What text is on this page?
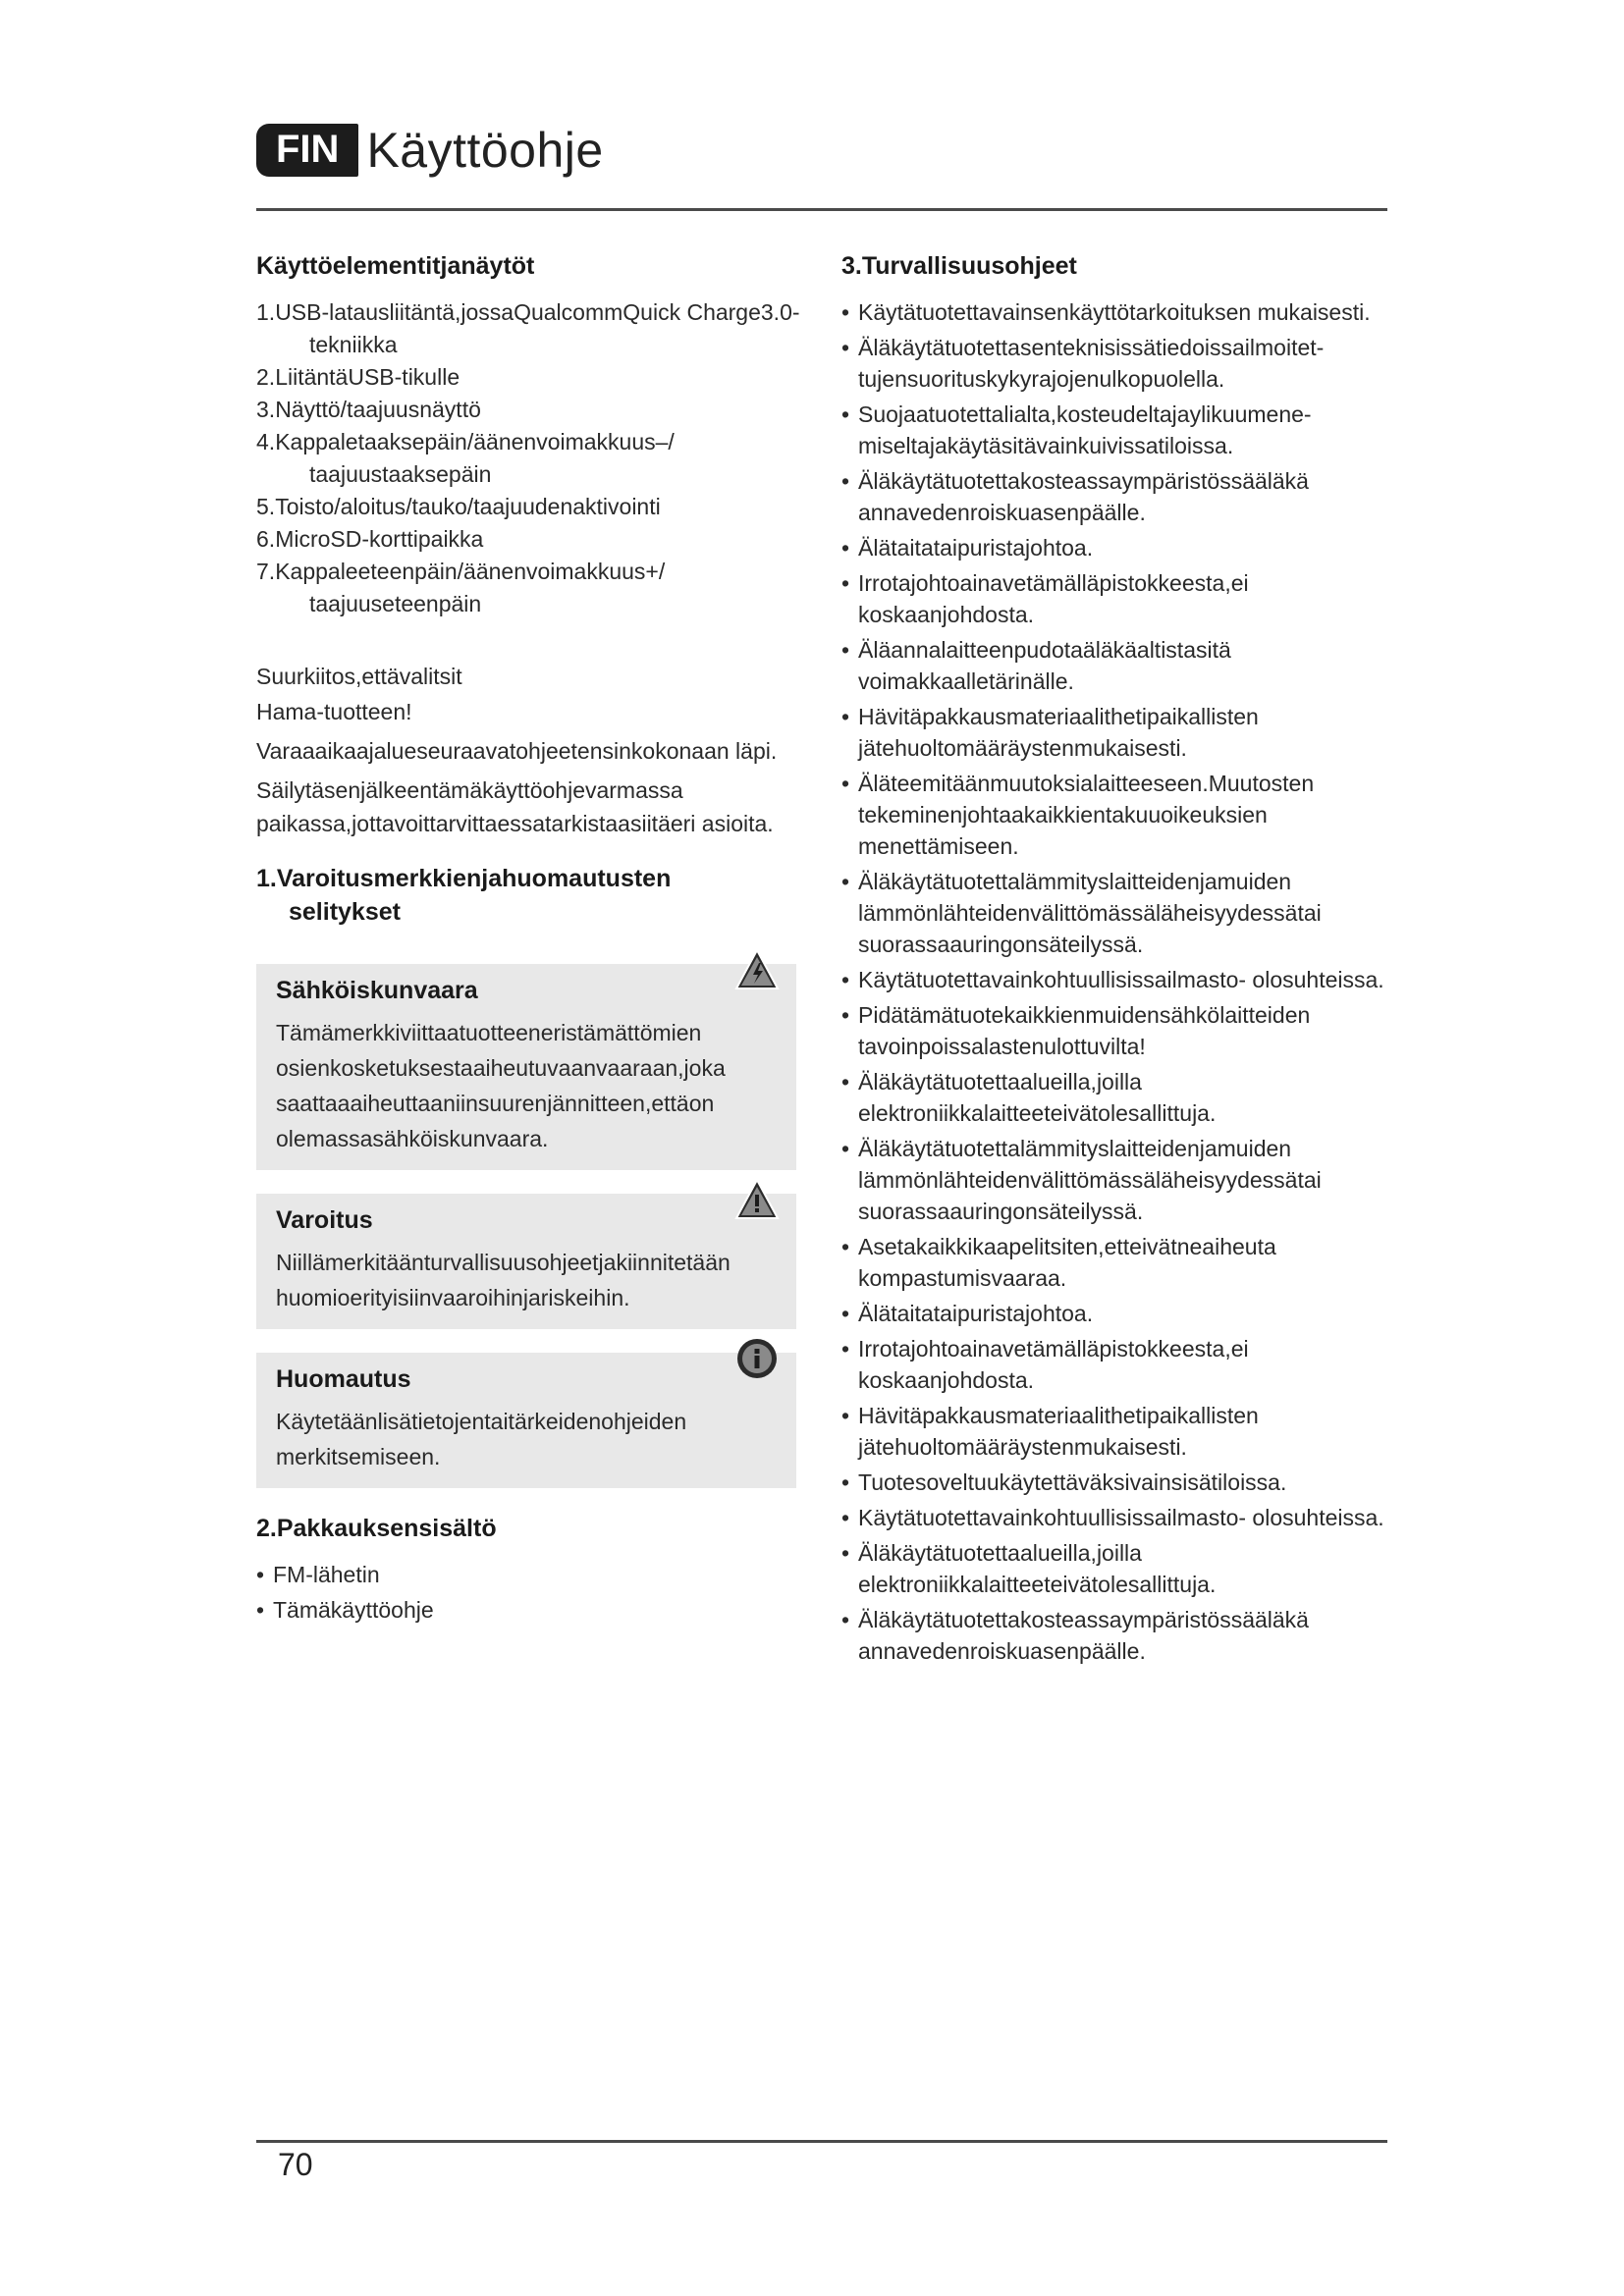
FIN Käyttöohje
Käyttöelementitjanäytöt
1.USB-latausliitäntä,jossaQualcommQuick Charge3.0-tekniikka
2.LiitäntäUSB-tikulle
3.Näyttö/taajuusnäyttö
4.Kappaletaaksepäin/äänenvoimakkuus–/ taajuustaaksepäin
5.Toisto/aloitus/tauko/taajuudenaktivointi
6.MicroSD-korttipaikka
7.Kappaleeteenpäin/äänenvoimakkuus+/ taajuuseteenpäin

Suurkiitos,ettävalitsit

Hama-tuotteen!

Varaaaikaajalueseuraavatohjeetensinkokonaan läpi.

Säilytäsenjälkeentämäkäyttöohjevarmassa paikassa,jottavoittarvittaessatarkistaasiitäeri asioita.

1.Varoitusmerkkienjahuomautusten selitykset
Sähköiskunvaara

Tämämerkkiviittaatuotteeneristämättömien osienkosketuksestaaiheutuvaanvaaraan,joka saattaaaiheuttaaniinsuurenjännitteen,ettäon olemassasähköiskunvaara.

Varoitus

Niillämerkitäänturvallisuusohjeetjakiinnitetään huomioerityisiinvaaroihinjariskeihin.

Huomautus

Käytetäänlisätietojentaitärkeidenohjeiden merkitsemiseen.

2.Pakkauksensisältö
• FM-lähetin
• Tämäkäyttöohje
3.Turvallisuusohjeet
• Käytätuotettavainsenkäyttötarkoituksen mukaisesti.
• Äläkäytätuotettasenteknisissätiedoissailmoitet- tujensuorituskykyrajojenulkopuolella.
• Suojaatuotettalialta,kosteudeltajaylikuumene- miseltajakäytäsitävainkuivissatiloissa.
• Äläkäytätuotettakosteassaympäristössääläkä annavedenroiskuasenpäälle.
• Älätaitataipuristajohtoa.
• Irrotajohtoainavetämälläpistokkeesta,ei koskaanjohdosta.
• Äläannalaitteenpudotaäläkäaltistasitä voimakkaalletärinälle.
• Hävitäpakkausmateriaalithetipaikallisten jätehuoltomääräystenmukaisesti.
• Äläteemitäänmuutoksialaitteeseen.Muutosten tekeminenjohtaakaikkientakuuoikeuksien menettämiseen.
• Äläkäytätuotettalämmityslaitteidenjamuiden lämmönlähteidenvälittömässäläheisyydessätai suorassaauringonsäteilyssä.
• Käytätuotettavainkohtuullisissailmasto- olosuhteissa.
• Pidätämätuotekaikkienmuidensähkölaitteiden tavoinpoissalastenulottuvilta!
• Äläkäytätuotettaalueilla,joilla elektroniikkalaitteeteivätolesallittuja.
• Äläkäytätuotettalämmityslaitteidenjamuiden lämmönlähteidenvälittömässäläheisyydessätai suorassaauringonsäteilyssä.
• Asetakaikkikaapelitsiten,etteivätneaiheuta kompastumisvaaraa.
• Älätaitataipuristajohtoa.
• Irrotajohtoainavetämälläpistokkeesta,ei koskaanjohdosta.
• Hävitäpakkausmateriaalithetipaikallisten jätehuoltomääräystenmukaisesti.
• Tuotesoveltuukäytettäväksivainsisätiloissa.
• Käytätuotettavainkohtuullisissailmasto- olosuhteissa.
• Äläkäytätuotettaalueilla,joilla elektroniikkalaitteeteivätolesallittuja.
• Äläkäytätuotettakosteassaympäristössääläkä annavedenroiskuasenpäälle.
70
